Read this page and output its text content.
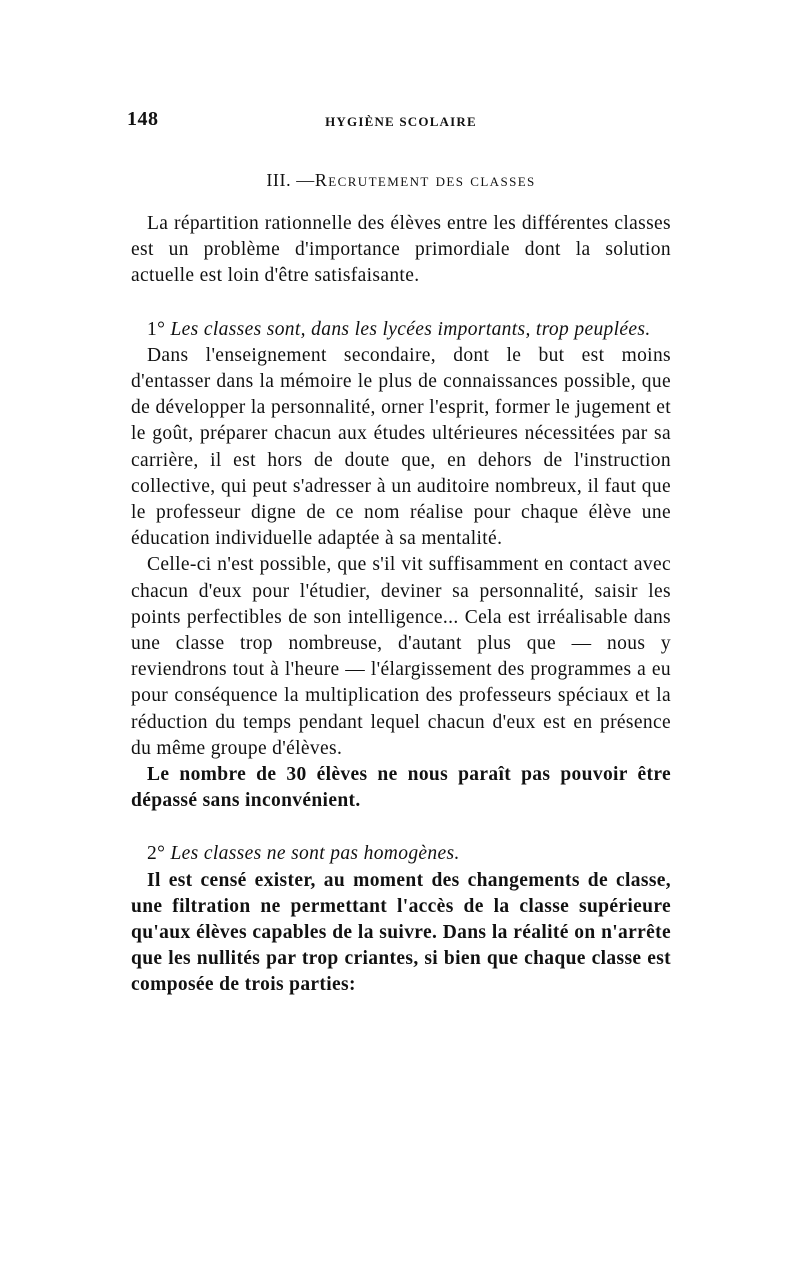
148	HYGIÈNE SCOLAIRE
III. —Recrutement des classes

La répartition rationnelle des élèves entre les différentes classes est un problème d'importance primordiale dont la solution actuelle est loin d'être satisfaisante.

1° Les classes sont, dans les lycées importants, trop peuplées.

Dans l'enseignement secondaire, dont le but est moins d'entasser dans la mémoire le plus de connaissances possible, que de développer la personnalité, orner l'esprit, former le jugement et le goût, préparer chacun aux études ultérieures nécessitées par sa carrière, il est hors de doute que, en dehors de l'instruction collective, qui peut s'adresser à un auditoire nombreux, il faut que le professeur digne de ce nom réalise pour chaque élève une éducation individuelle adaptée à sa mentalité.

Celle-ci n'est possible, que s'il vit suffisamment en contact avec chacun d'eux pour l'étudier, deviner sa personnalité, saisir les points perfectibles de son intelligence... Cela est irréalisable dans une classe trop nombreuse, d'autant plus que — nous y reviendrons tout à l'heure — l'élargissement des programmes a eu pour conséquence la multiplication des professeurs spéciaux et la réduction du temps pendant lequel chacun d'eux est en présence du même groupe d'élèves.

Le nombre de 30 élèves ne nous paraît pas pouvoir être dépassé sans inconvénient.

2° Les classes ne sont pas homogènes.

Il est censé exister, au moment des changements de classe, une filtration ne permettant l'accès de la classe supérieure qu'aux élèves capables de la suivre. Dans la réalité on n'arrête que les nullités par trop criantes, si bien que chaque classe est composée de trois parties:
